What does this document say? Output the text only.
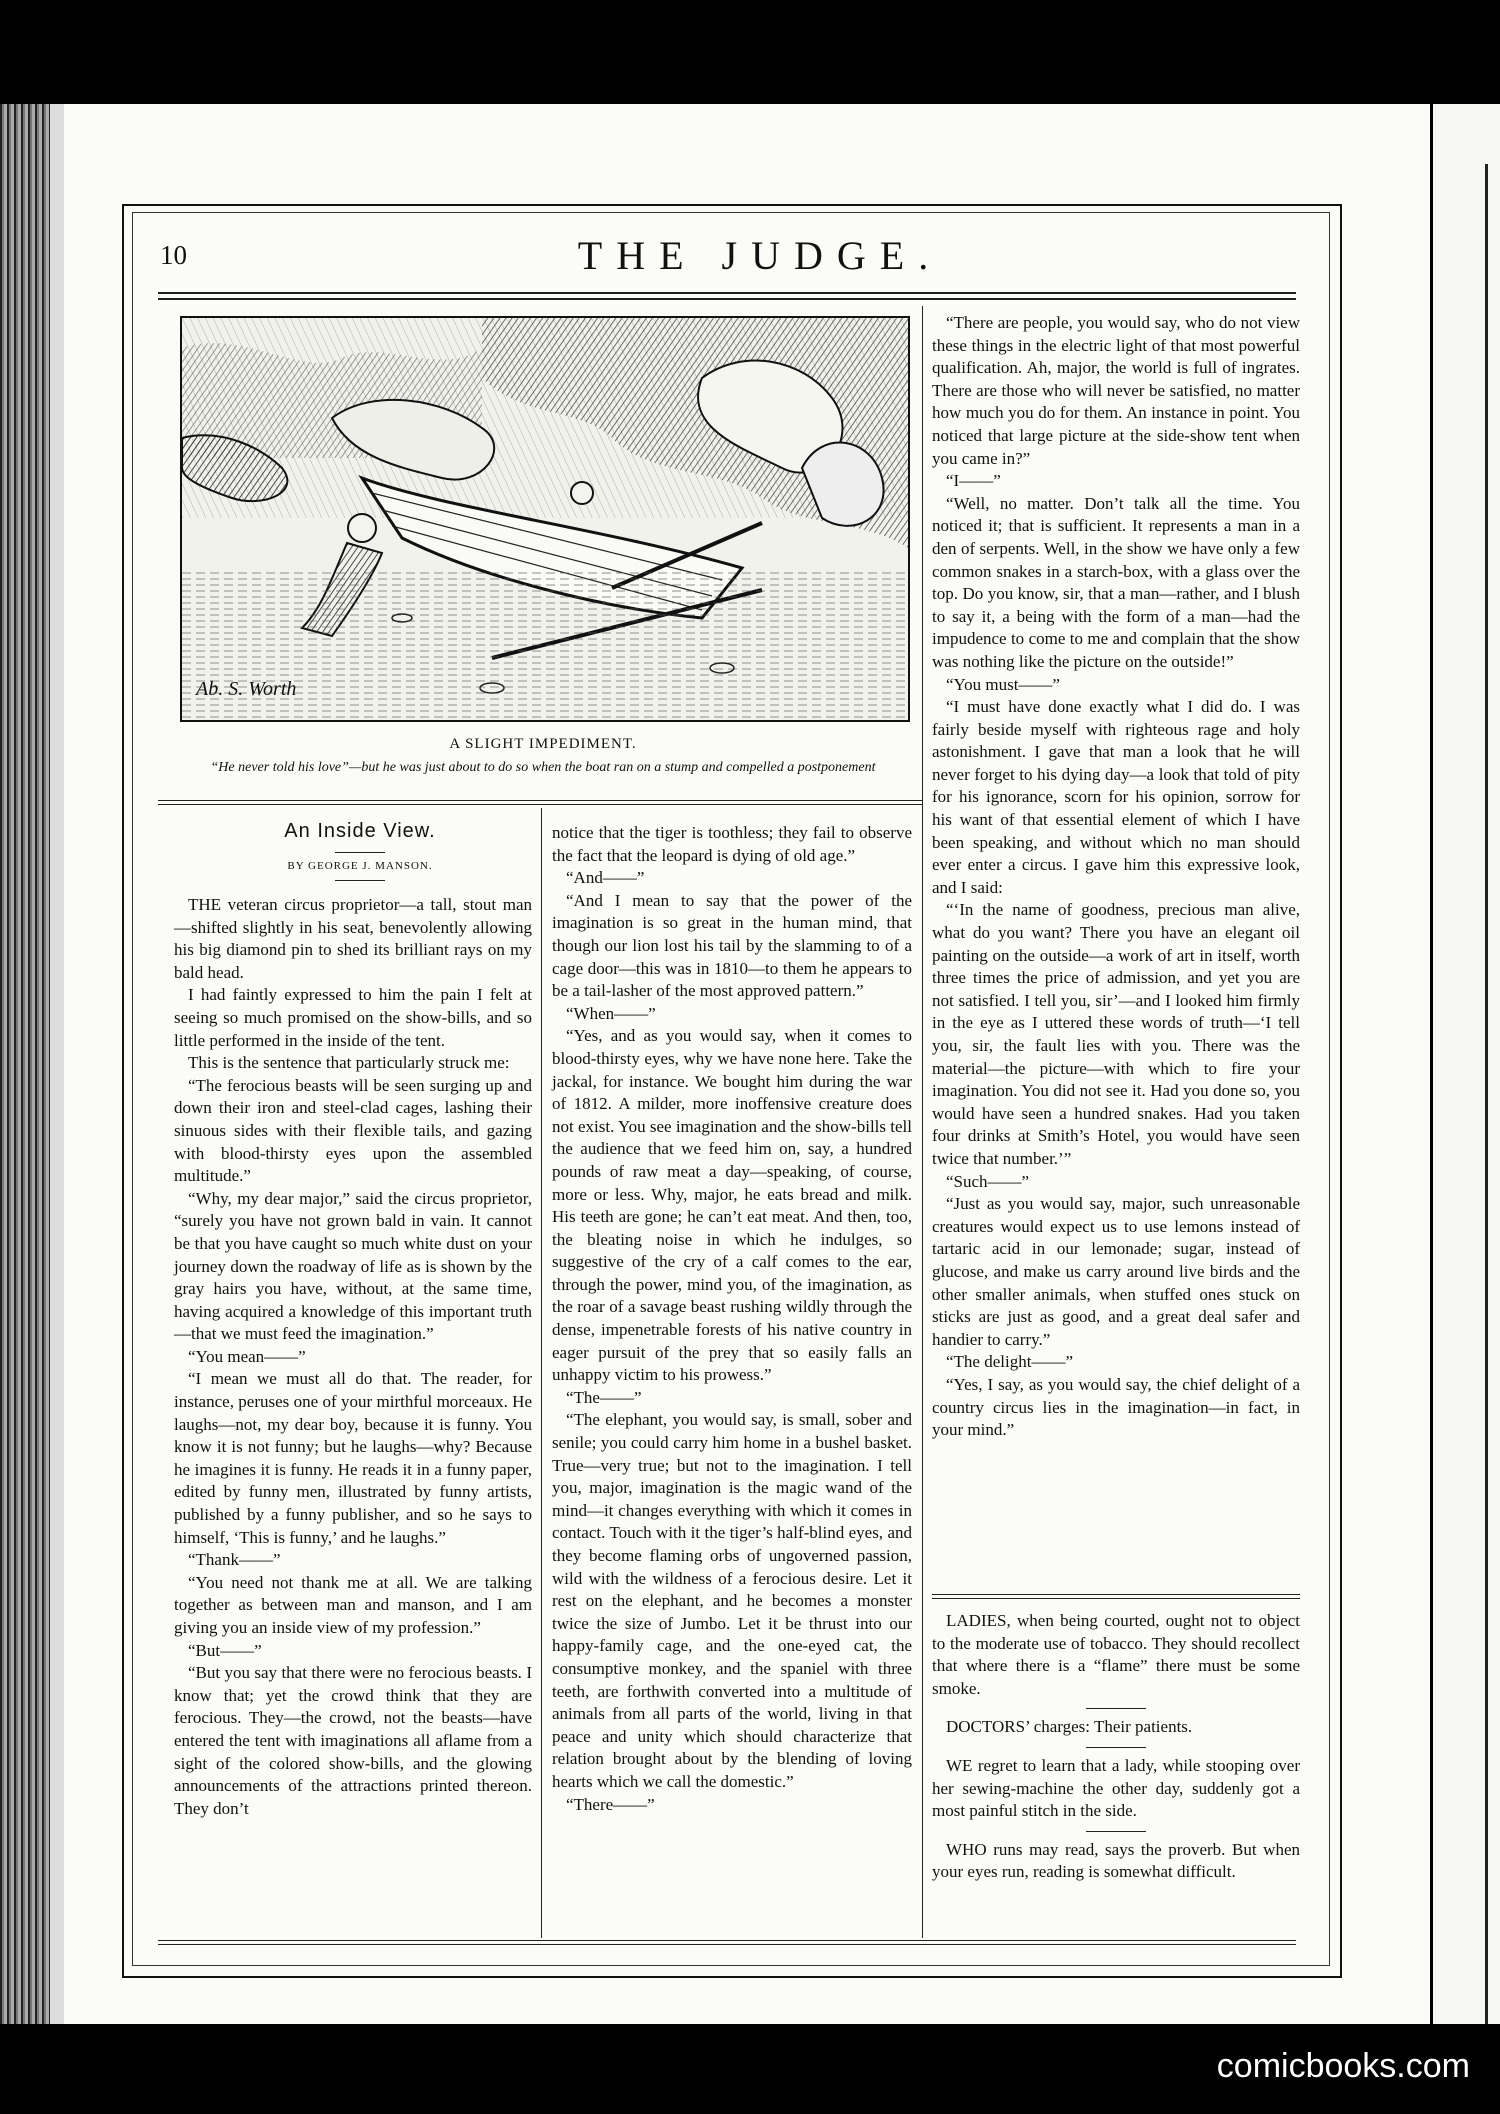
10	THE JUDGE.
Ab. S. Worth
A SLIGHT IMPEDIMENT.
“He never told his love”—but he was just about to do so when the boat ran on a stump and compelled a postponement
An Inside View.
BY GEORGE J. MANSON.

THE veteran circus proprietor—a tall, stout man—shifted slightly in his seat, benevolently allowing his big diamond pin to shed its brilliant rays on my bald head.

I had faintly expressed to him the pain I felt at seeing so much promised on the show-bills, and so little performed in the inside of the tent.

This is the sentence that particularly struck me:

“The ferocious beasts will be seen surging up and down their iron and steel-clad cages, lashing their sinuous sides with their flexible tails, and gazing with blood-thirsty eyes upon the assembled multitude.”

“Why, my dear major,” said the circus proprietor, “surely you have not grown bald in vain. It cannot be that you have caught so much white dust on your journey down the roadway of life as is shown by the gray hairs you have, without, at the same time, having acquired a knowledge of this important truth—that we must feed the imagination.”

“You mean——”

“I mean we must all do that. The reader, for instance, peruses one of your mirthful morceaux. He laughs—not, my dear boy, because it is funny. You know it is not funny; but he laughs—why? Because he imagines it is funny. He reads it in a funny paper, edited by funny men, illustrated by funny artists, published by a funny publisher, and so he says to himself, ‘This is funny,’ and he laughs.”

“Thank——”

“You need not thank me at all. We are talking together as between man and manson, and I am giving you an inside view of my profession.”

“But——”

“But you say that there were no ferocious beasts. I know that; yet the crowd think that they are ferocious. They—the crowd, not the beasts—have entered the tent with imaginations all aflame from a sight of the colored show-bills, and the glowing announcements of the attractions printed thereon. They don’t

notice that the tiger is toothless; they fail to observe the fact that the leopard is dying of old age.”

“And——”

“And I mean to say that the power of the imagination is so great in the human mind, that though our lion lost his tail by the slamming to of a cage door—this was in 1810—to them he appears to be a tail-lasher of the most approved pattern.”

“When——”

“Yes, and as you would say, when it comes to blood-thirsty eyes, why we have none here. Take the jackal, for instance. We bought him during the war of 1812. A milder, more inoffensive creature does not exist. You see imagination and the show-bills tell the audience that we feed him on, say, a hundred pounds of raw meat a day—speaking, of course, more or less. Why, major, he eats bread and milk. His teeth are gone; he can’t eat meat. And then, too, the bleating noise in which he indulges, so suggestive of the cry of a calf comes to the ear, through the power, mind you, of the imagination, as the roar of a savage beast rushing wildly through the dense, impenetrable forests of his native country in eager pursuit of the prey that so easily falls an unhappy victim to his prowess.”

“The——”

“The elephant, you would say, is small, sober and senile; you could carry him home in a bushel basket. True—very true; but not to the imagination. I tell you, major, imagination is the magic wand of the mind—it changes everything with which it comes in contact. Touch with it the tiger’s half-blind eyes, and they become flaming orbs of ungoverned passion, wild with the wildness of a ferocious desire. Let it rest on the elephant, and he becomes a monster twice the size of Jumbo. Let it be thrust into our happy-family cage, and the one-eyed cat, the consumptive monkey, and the spaniel with three teeth, are forthwith converted into a multitude of animals from all parts of the world, living in that peace and unity which should characterize that relation brought about by the blending of loving hearts which we call the domestic.”

“There——”

“There are people, you would say, who do not view these things in the electric light of that most powerful qualification. Ah, major, the world is full of ingrates. There are those who will never be satisfied, no matter how much you do for them. An instance in point. You noticed that large picture at the side-show tent when you came in?”

“I——”

“Well, no matter. Don’t talk all the time. You noticed it; that is sufficient. It represents a man in a den of serpents. Well, in the show we have only a few common snakes in a starch-box, with a glass over the top. Do you know, sir, that a man—rather, and I blush to say it, a being with the form of a man—had the impudence to come to me and complain that the show was nothing like the picture on the outside!”

“You must——”

“I must have done exactly what I did do. I was fairly beside myself with righteous rage and holy astonishment. I gave that man a look that he will never forget to his dying day—a look that told of pity for his ignorance, scorn for his opinion, sorrow for his want of that essential element of which I have been speaking, and without which no man should ever enter a circus. I gave him this expressive look, and I said:

“‘In the name of goodness, precious man alive, what do you want? There you have an elegant oil painting on the outside—a work of art in itself, worth three times the price of admission, and yet you are not satisfied. I tell you, sir’—and I looked him firmly in the eye as I uttered these words of truth—‘I tell you, sir, the fault lies with you. There was the material—the picture—with which to fire your imagination. You did not see it. Had you done so, you would have seen a hundred snakes. Had you taken four drinks at Smith’s Hotel, you would have seen twice that number.’”

“Such——”

“Just as you would say, major, such unreasonable creatures would expect us to use lemons instead of tartaric acid in our lemonade; sugar, instead of glucose, and make us carry around live birds and the other smaller animals, when stuffed ones stuck on sticks are just as good, and a great deal safer and handier to carry.”

“The delight——”

“Yes, I say, as you would say, the chief delight of a country circus lies in the imagination—in fact, in your mind.”

LADIES, when being courted, ought not to object to the moderate use of tobacco. They should recollect that where there is a “flame” there must be some smoke.

DOCTORS’ charges: Their patients.

WE regret to learn that a lady, while stooping over her sewing-machine the other day, suddenly got a most painful stitch in the side.

WHO runs may read, says the proverb. But when your eyes run, reading is somewhat difficult.

comicbooks.com
